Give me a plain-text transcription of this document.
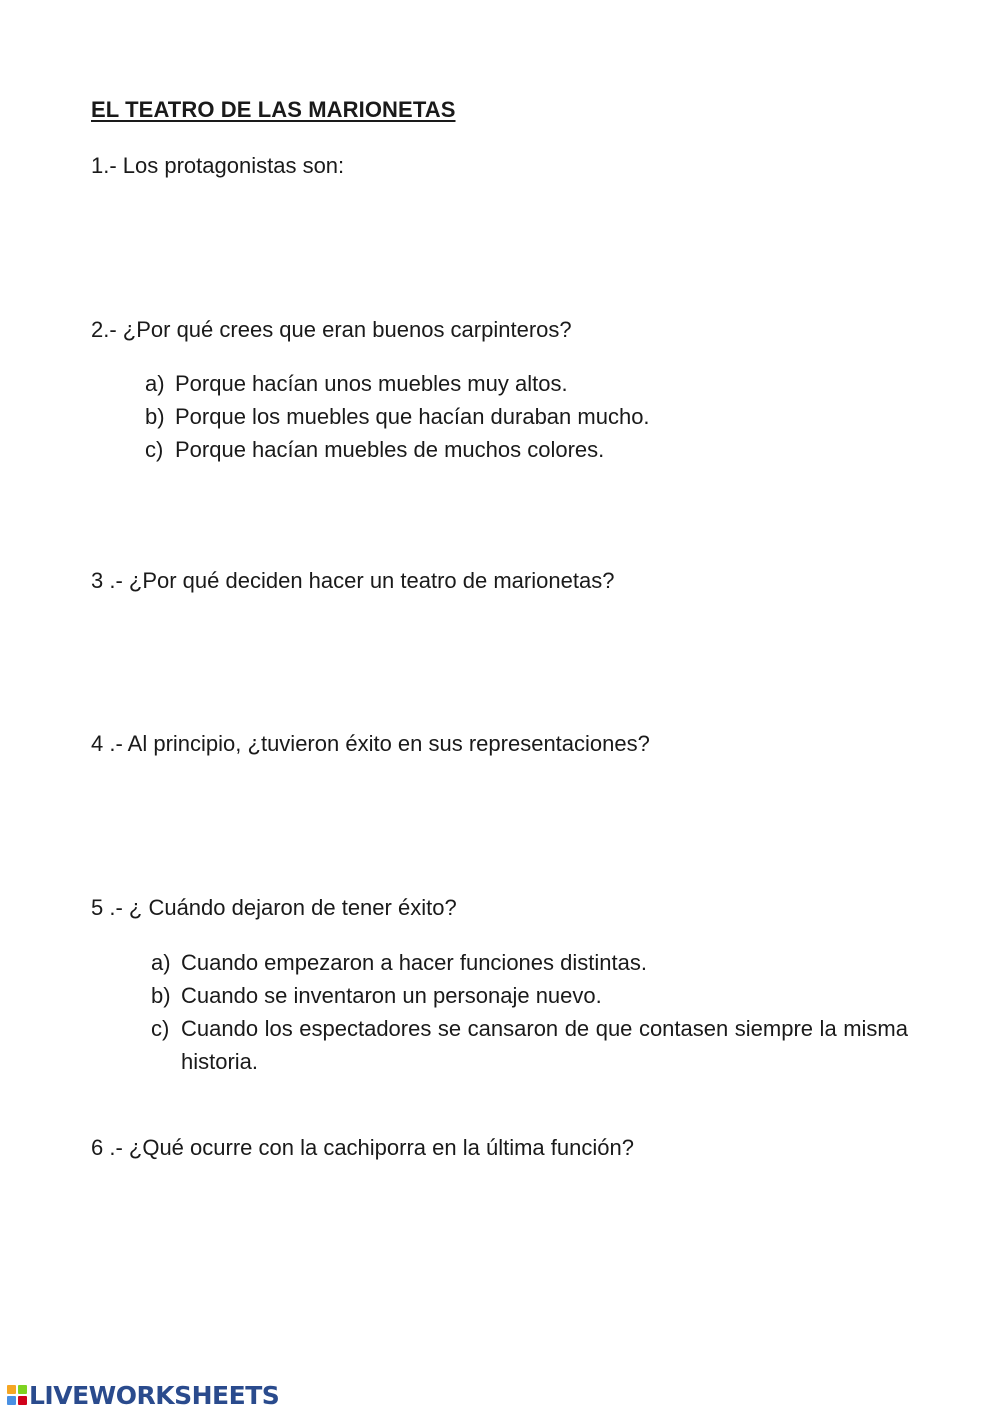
EL TEATRO DE LAS MARIONETAS
1.- Los protagonistas son:
2.- ¿Por qué crees que eran buenos carpinteros?
a) Porque hacían unos muebles muy altos.
b) Porque los muebles que hacían duraban mucho.
c) Porque hacían muebles de muchos colores.
3 .- ¿Por qué deciden hacer un teatro de marionetas?
4 .- Al principio, ¿tuvieron éxito en sus representaciones?
5 .- ¿ Cuándo dejaron de tener éxito?
a) Cuando empezaron a hacer funciones distintas.
b) Cuando se inventaron un personaje nuevo.
c) Cuando los espectadores se cansaron de que contasen siempre la misma historia.
6 .- ¿Qué ocurre con la cachiporra en la última función?
LIVEWORKSHEETS
